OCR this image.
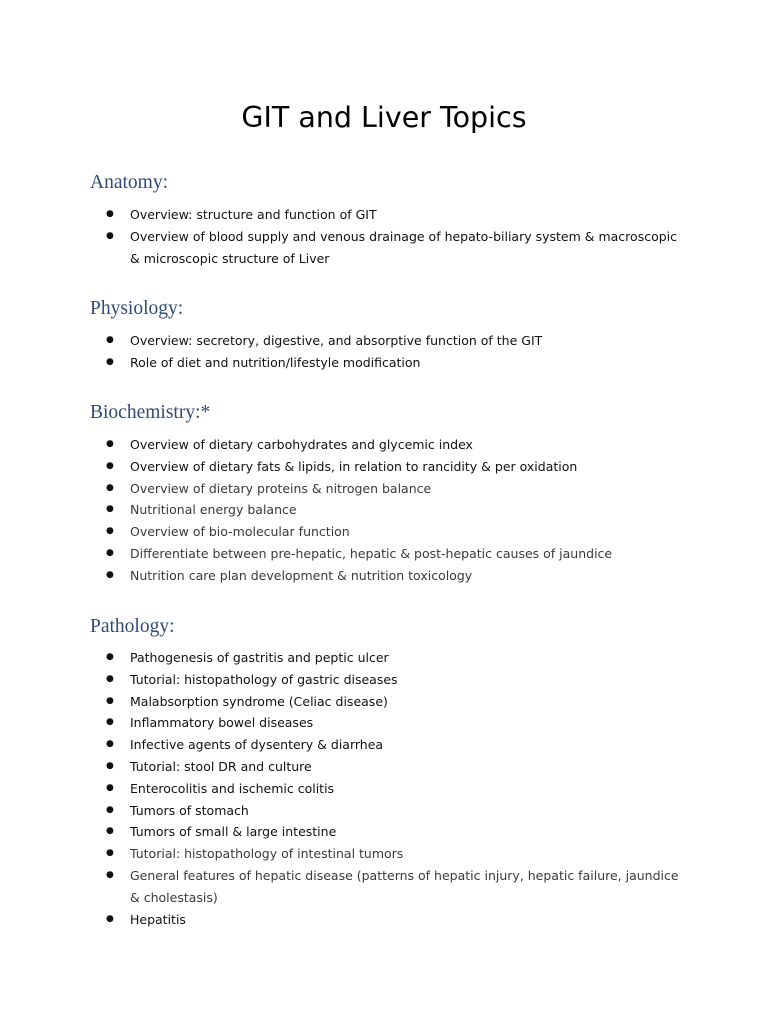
GIT and Liver Topics
Anatomy:
● Overview: structure and function of GIT
● Overview of blood supply and venous drainage of hepato-biliary system & macroscopic & microscopic structure of Liver
Physiology:
● Overview: secretory, digestive, and absorptive function of the GIT
● Role of diet and nutrition/lifestyle modification
Biochemistry:*
● Overview of dietary carbohydrates and glycemic index
● Overview of dietary fats & lipids, in relation to rancidity & per oxidation
● Overview of dietary proteins & nitrogen balance
● Nutritional energy balance
● Overview of bio-molecular function
● Differentiate between pre-hepatic, hepatic & post-hepatic causes of jaundice
● Nutrition care plan development & nutrition toxicology
Pathology:
● Pathogenesis of gastritis and peptic ulcer
● Tutorial: histopathology of gastric diseases
● Malabsorption syndrome (Celiac disease)
● Inflammatory bowel diseases
● Infective agents of dysentery & diarrhea
● Tutorial: stool DR and culture
● Enterocolitis and ischemic colitis
● Tumors of stomach
● Tumors of small & large intestine
● Tutorial: histopathology of intestinal tumors
● General features of hepatic disease (patterns of hepatic injury, hepatic failure, jaundice & cholestasis)
● Hepatitis
